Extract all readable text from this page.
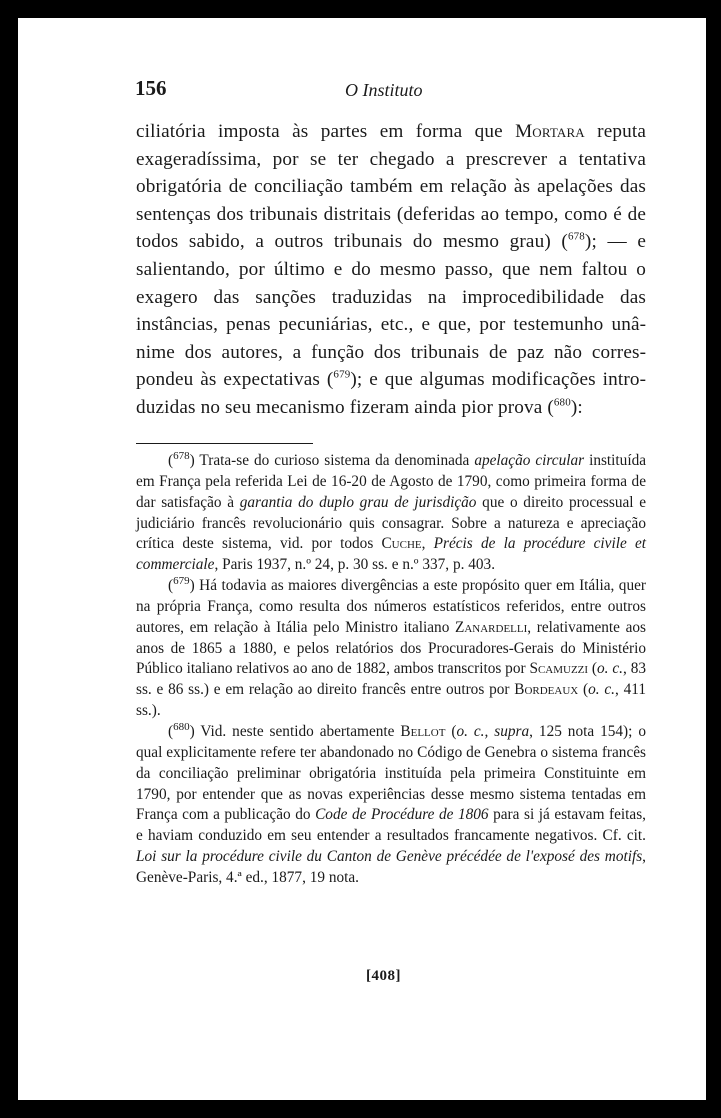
156	O Instituto

ciliatória imposta às partes em forma que Mortara reputa exageradíssima, por se ter chegado a prescrever a tentativa obrigatória de conciliação também em relação às apelações das sentenças dos tribunais distritais (deferidas ao tempo, como é de todos sabido, a outros tribunais do mesmo grau) ($^{678}$); — e salientando, por último e do mesmo passo, que nem faltou o exagero das sanções traduzidas na improcedibilidade das instâncias, penas pecuniárias, etc., e que, por testemunho unânime dos autores, a função dos tribunais de paz não correspondeu às expectativas ($^{679}$); e que algumas modificações introduzidas no seu mecanismo fizeram ainda pior prova ($^{680}$):

($^{678}$) Trata-se do curioso sistema da denominada apelação circular instituída em França pela referida Lei de 16-20 de Agosto de 1790, como primeira forma de dar satisfação à garantia do duplo grau de jurisdição que o direito processual e judiciário francês revolucionário quis consagrar. Sobre a natureza e apreciação crítica deste sistema, vid. por todos Cuche, Précis de la procédure civile et commerciale, Paris 1937, n.º 24, p. 30 ss. e n.º 337, p. 403.

($^{679}$) Há todavia as maiores divergências a este propósito quer em Itália, quer na própria França, como resulta dos números estatísticos referidos, entre outros autores, em relação à Itália pelo Ministro italiano Zanardelli, relativamente aos anos de 1865 a 1880, e pelos relatórios dos Procuradores-Gerais do Ministério Público italiano relativos ao ano de 1882, ambos transcritos por Scamuzzi (o. c., 83 ss. e 86 ss.) e em relação ao direito francês entre outros por Bordeaux (o. c., 411 ss.).

($^{680}$) Vid. neste sentido abertamente Bellot (o. c., supra, 125 nota 154); o qual explicitamente refere ter abandonado no Código de Genebra o sistema francês da conciliação preliminar obrigatória instituída pela primeira Constituinte em 1790, por entender que as novas experiências desse mesmo sistema tentadas em França com a publicação do Code de Procédure de 1806 para si já estavam feitas, e haviam conduzido em seu entender a resultados francamente negativos. Cf. cit. Loi sur la procédure civile du Canton de Genève précédée de l'exposé des motifs, Genève-Paris, 4.ª ed., 1877, 19 nota.

[408]
